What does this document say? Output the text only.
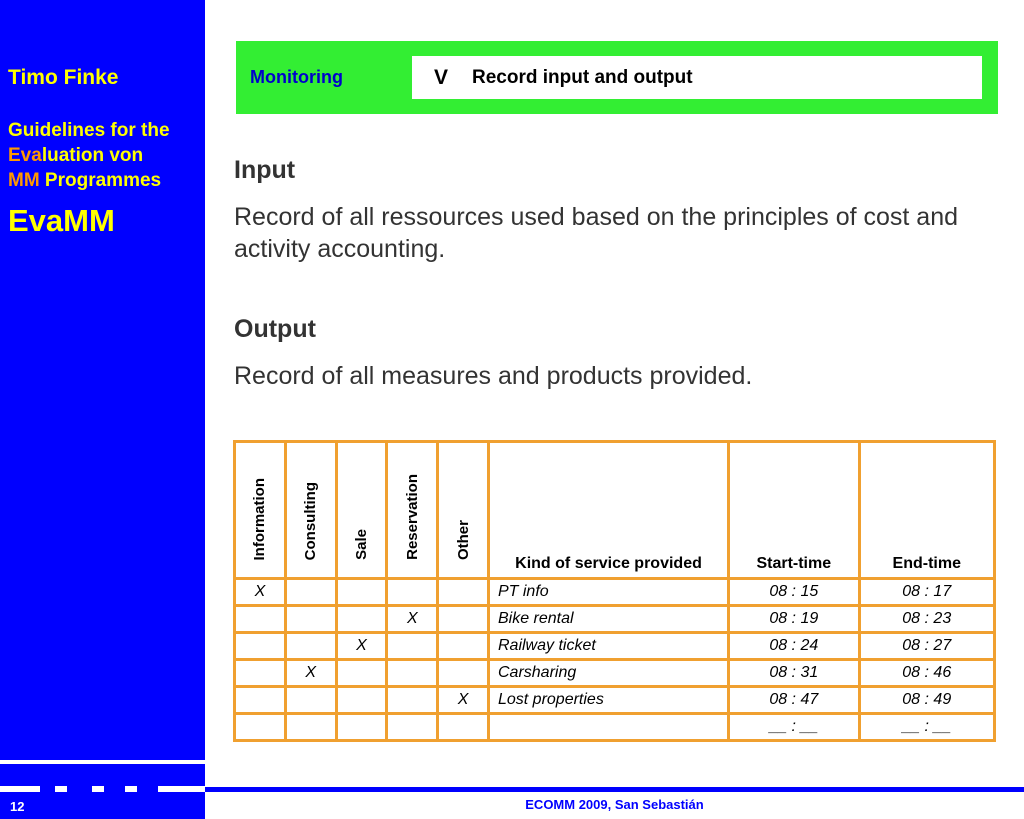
Timo Finke
Guidelines for the
Evaluation von
MM Programmes
EvaMM
12	ECOMM 2009, San Sebastián
Monitoring	V Record input and output
Input
Record of all ressources used based on the principles of cost and activity accounting.
Output
Record of all measures and products provided.
Information	Consulting	Sale	Reservation	Other	Kind of service provided	Start-time	End-time

X					PT info	08 : 15	08 : 17
			X		Bike rental	08 : 19	08 : 23
		X			Railway ticket	08 : 24	08 : 27
	X				Carsharing	08 : 31	08 : 46
				X	Lost properties	08 : 47	08 : 49
						__ : __	__ : __
